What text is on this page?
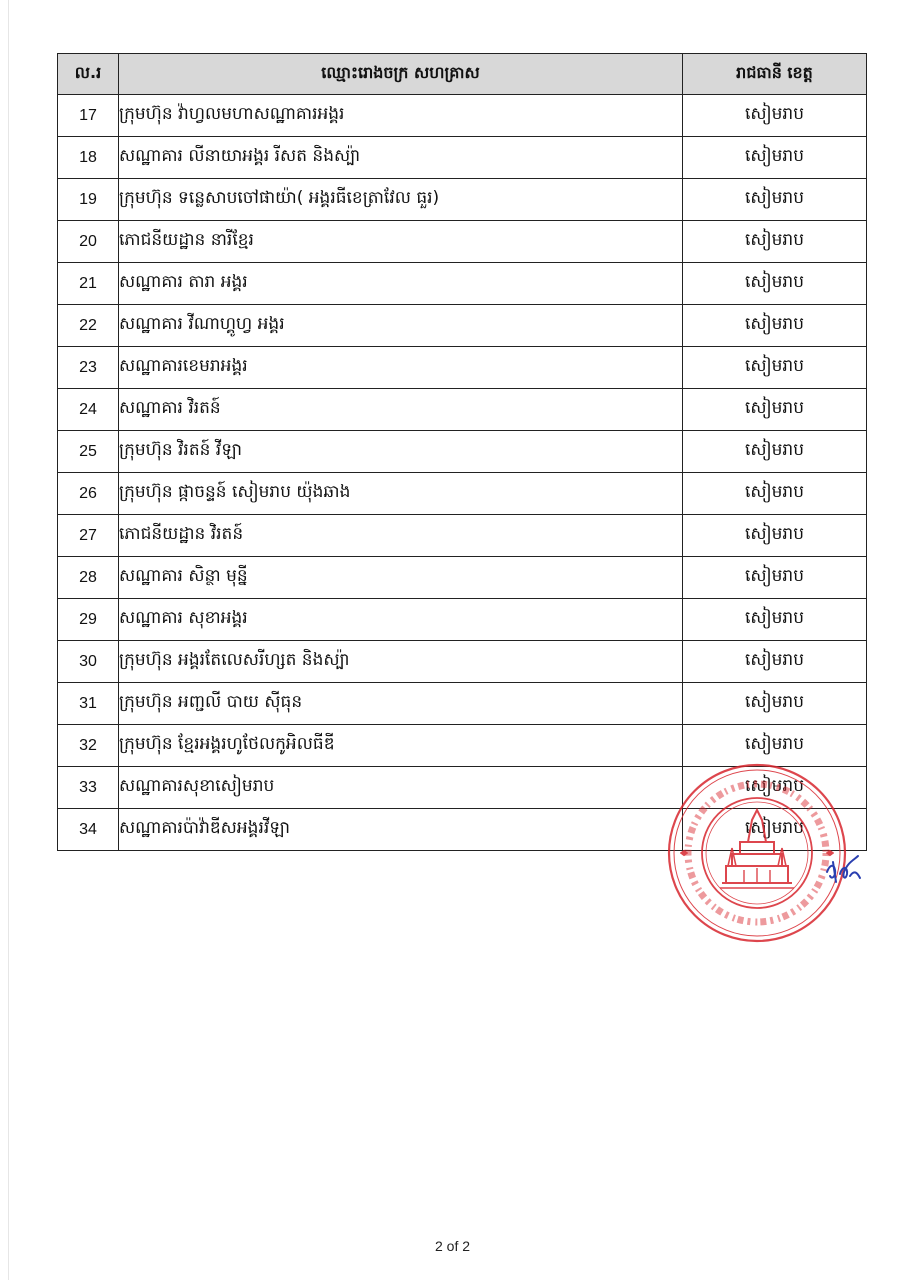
ល.រ	ឈ្មោះរោងចក្រ សហគ្រាស	រាជធានី ខេត្ត
17	ក្រុមហ៊ុន វ៉ាហ្វលមហាសណ្ឋាគារអង្គរ	សៀមរាប
18	សណ្ឋាគារ លីនាយាអង្គរ រីសត និងស្ប៉ា	សៀមរាប
19	ក្រុមហ៊ុន ទន្លេសាបចៅផាយ៉ា( អង្គរធីខេត្រាវែល ធួរ)	សៀមរាប
20	ភោជនីយដ្ឋាន នារីខ្មែរ	សៀមរាប
21	សណ្ឋាគារ តារា អង្គរ	សៀមរាប
22	សណ្ឋាគារ វីណាហ្គូហ្វ អង្គរ	សៀមរាប
23	សណ្ឋាគារខេមរាអង្គរ	សៀមរាប
24	សណ្ឋាគារ វិរតន៍	សៀមរាប
25	ក្រុមហ៊ុន វិរតន៍ វីឡា	សៀមរាប
26	ក្រុមហ៊ុន ផ្កាចន្ទន៍ សៀមរាប យ៉ុងឆាង	សៀមរាប
27	ភោជនីយដ្ឋាន វិរតន៍	សៀមរាប
28	សណ្ឋាគារ សិន្ថា មុន្នី	សៀមរាប
29	សណ្ឋាគារ សុខាអង្គរ	សៀមរាប
30	ក្រុមហ៊ុន អង្គរតែលេសរីហ្សត និងស្ប៉ា	សៀមរាប
31	ក្រុមហ៊ុន អញ្ជលី បាយ ស៊ីធុន	សៀមរាប
32	ក្រុមហ៊ុន ខ្មែរអង្គរហូថែលកូអិលធីឌី	សៀមរាប
33	សណ្ឋាគារសុខាសៀមរាប	សៀមរាប
34	សណ្ឋាគារប៉ាវ៉ាឌីសអង្គរវីឡា	សៀមរាប
2 of 2
